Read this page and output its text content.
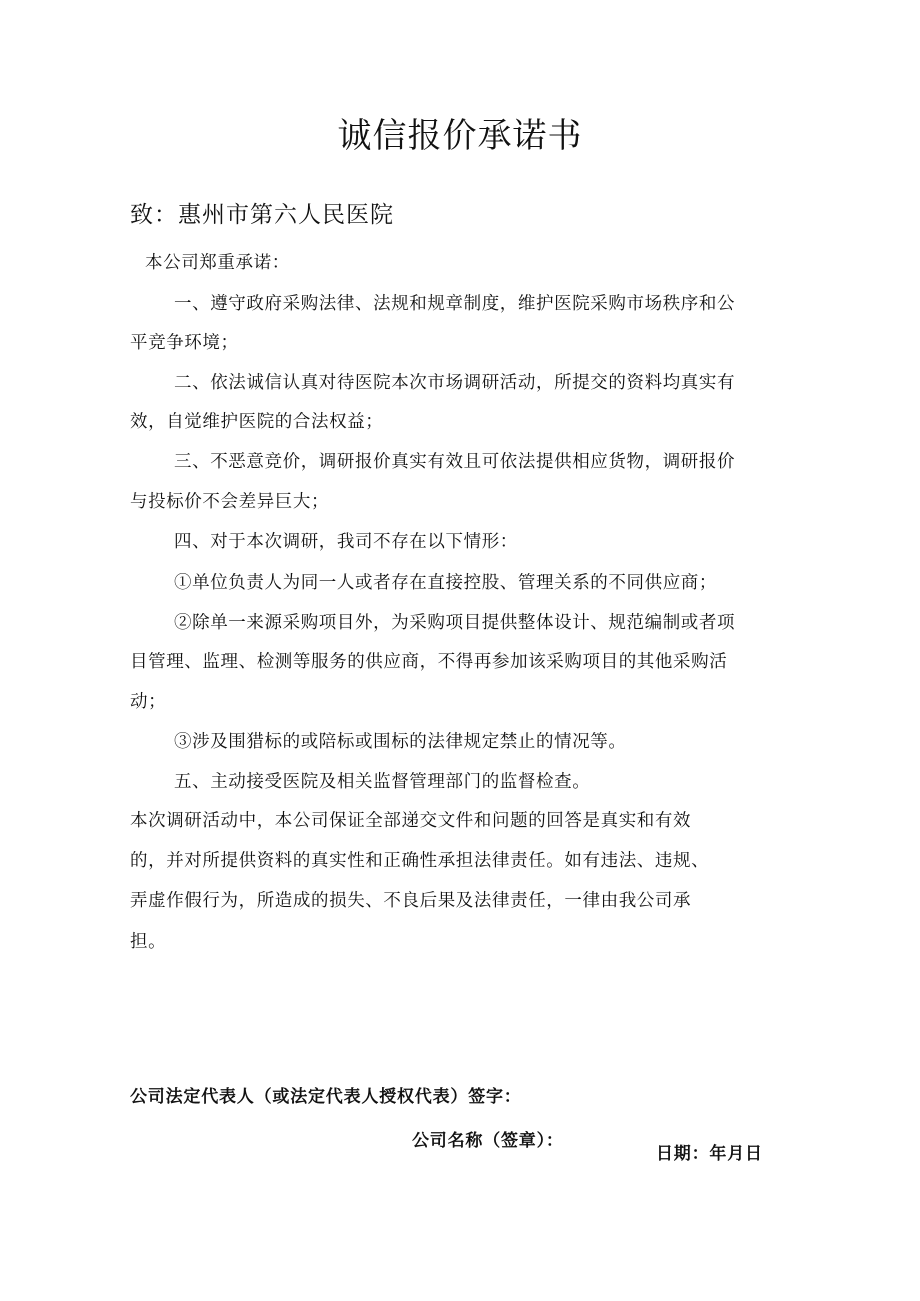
诚信报价承诺书
致：惠州市第六人民医院
本公司郑重承诺：
一、遵守政府采购法律、法规和规章制度，维护医院采购市场秩序和公
平竞争环境；
二、依法诚信认真对待医院本次市场调研活动，所提交的资料均真实有
效，自觉维护医院的合法权益；
三、不恶意竞价，调研报价真实有效且可依法提供相应货物，调研报价
与投标价不会差异巨大；
四、对于本次调研，我司不存在以下情形：
①单位负责人为同一人或者存在直接控股、管理关系的不同供应商；
②除单一来源采购项目外，为采购项目提供整体设计、规范编制或者项
目管理、监理、检测等服务的供应商，不得再参加该采购项目的其他采购活
动；
③涉及围猎标的或陪标或围标的法律规定禁止的情况等。
五、主动接受医院及相关监督管理部门的监督检查。
本次调研活动中，本公司保证全部递交文件和问题的回答是真实和有效
的，并对所提供资料的真实性和正确性承担法律责任。如有违法、违规、
弄虚作假行为，所造成的损失、不良后果及法律责任，一律由我公司承
担。
公司法定代表人（或法定代表人授权代表）签字：
公司名称（签章）：
日期：年月日
